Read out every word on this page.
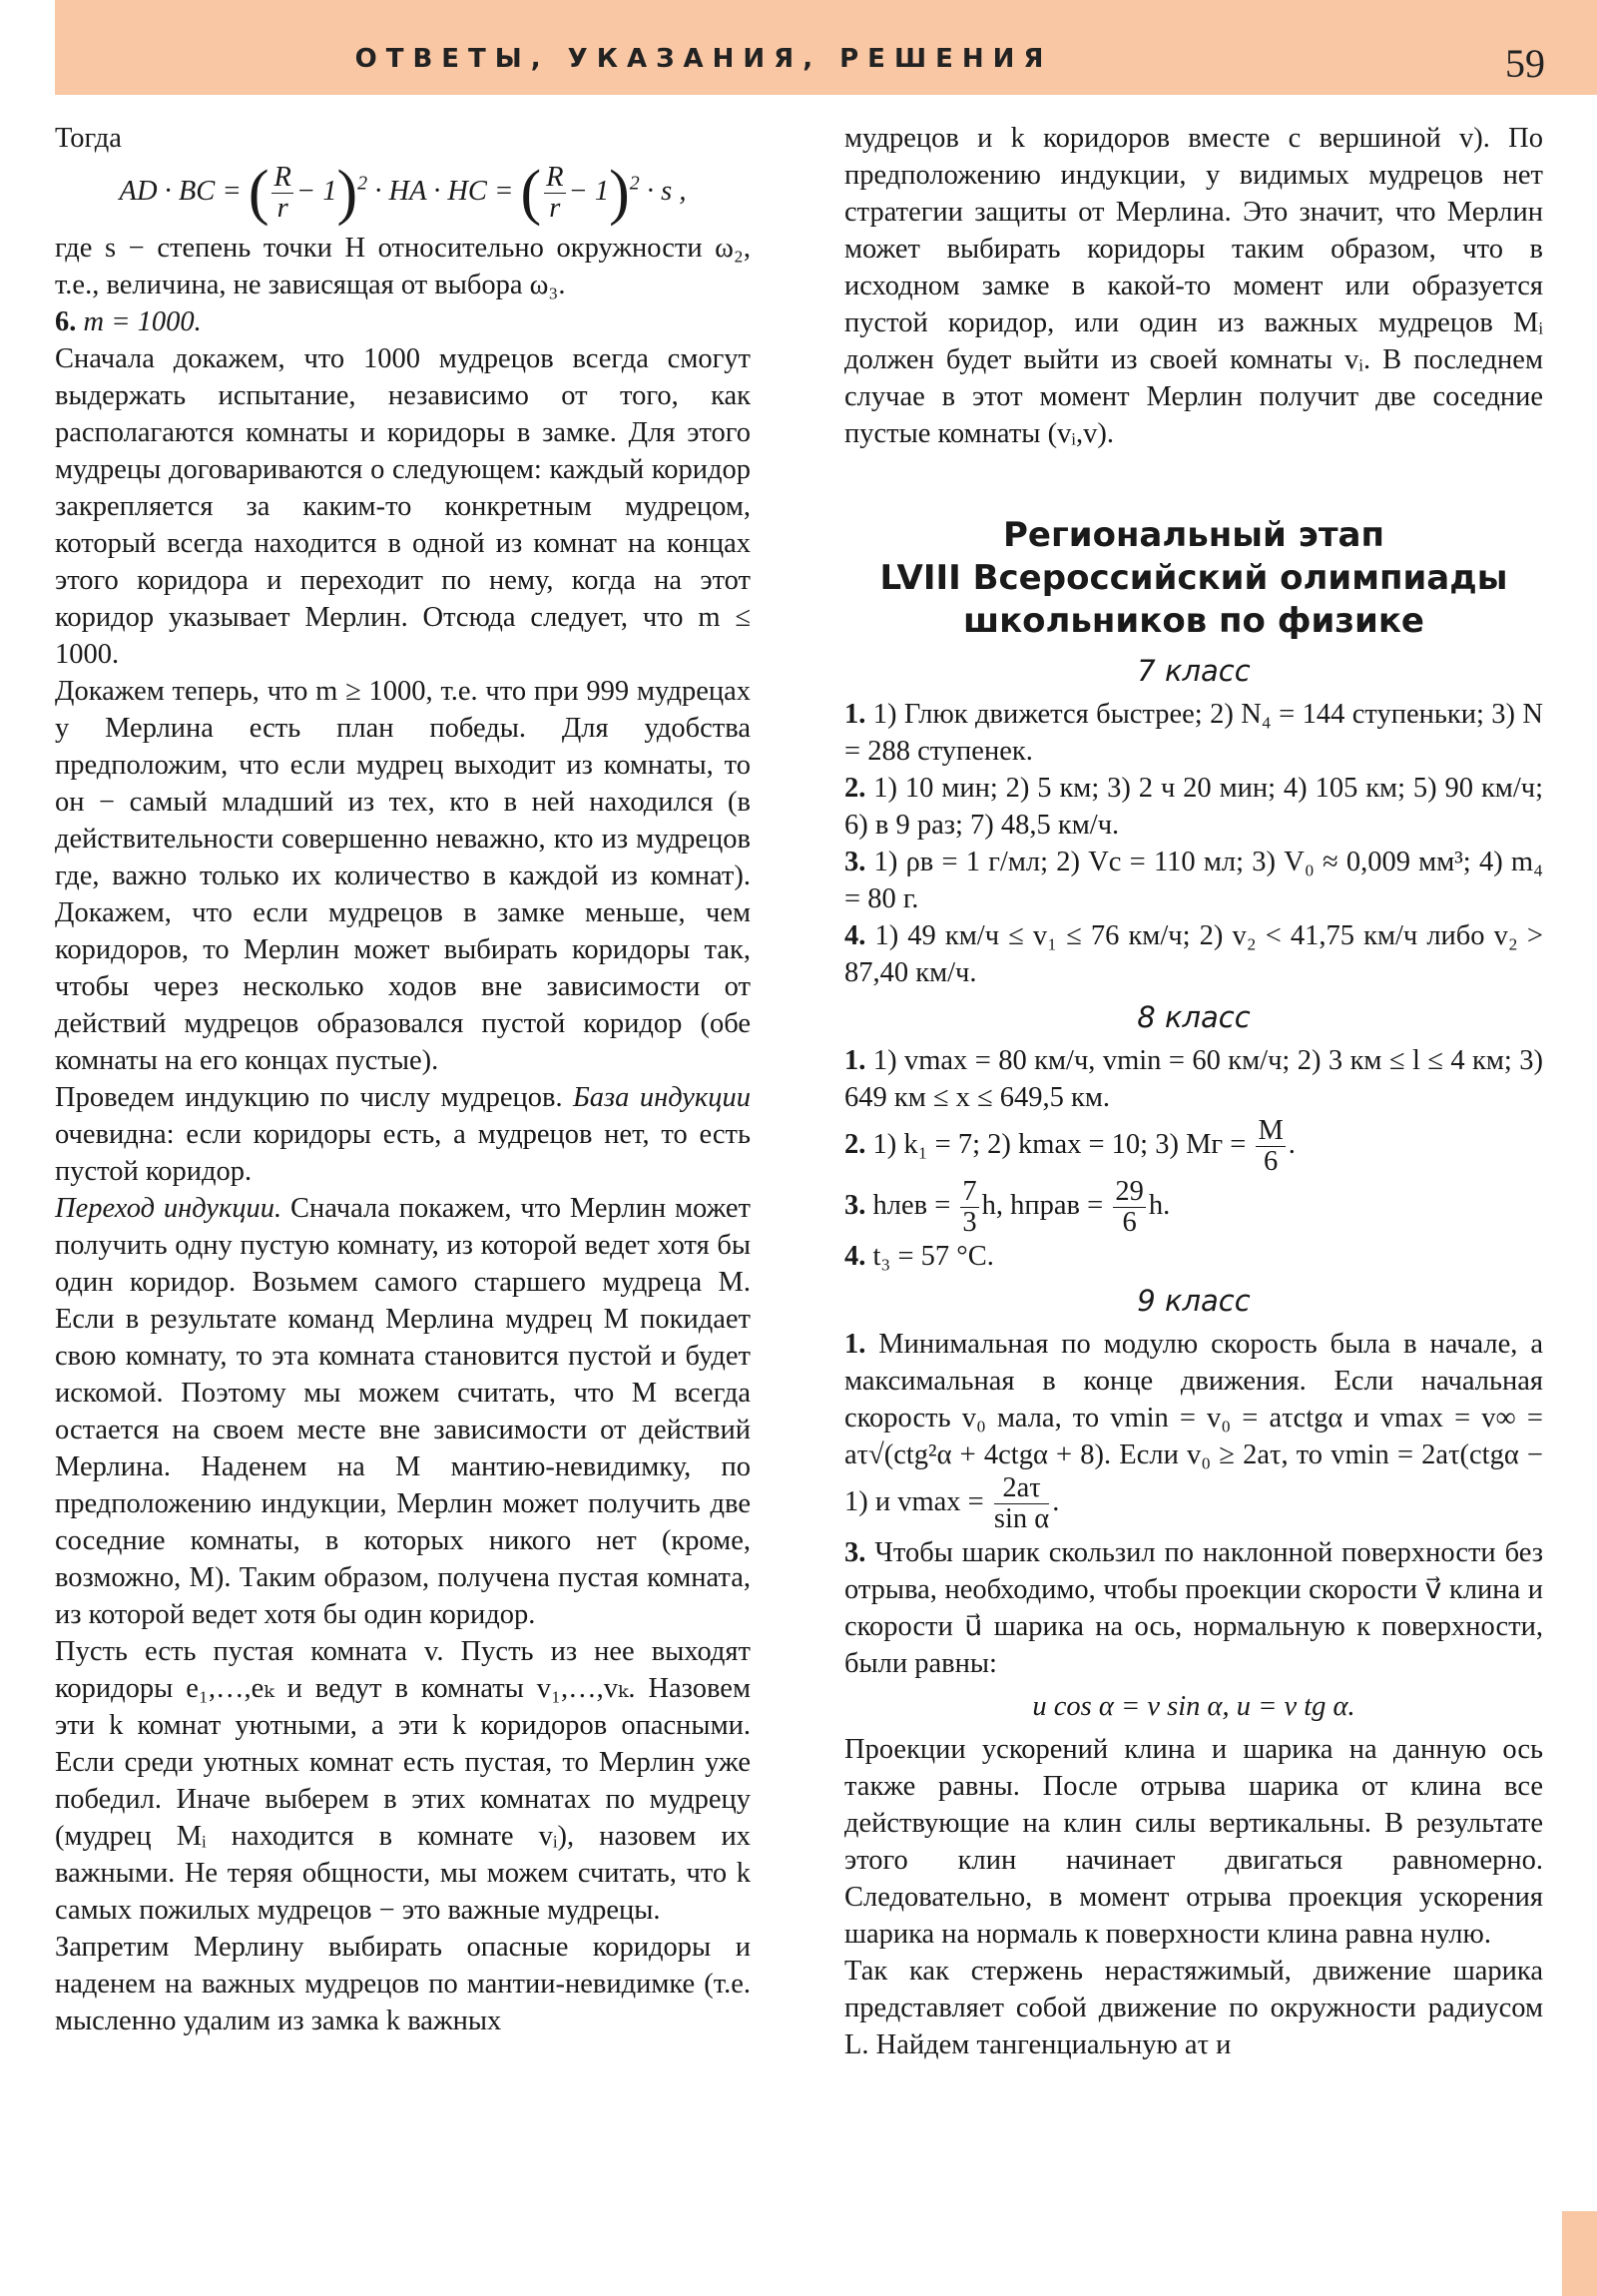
ОТВЕТЫ, УКАЗАНИЯ, РЕШЕНИЯ	59

Тогда

AD · BC = ( $\frac{R}{r} - 1)^2$ · HA · HC = ( $\frac{R}{r} - 1)^2 \cdot s$ ,

где s − степень точки H относительно окружности ω₂, т.е., величина, не зависящая от выбора ω₃.

6. m = 1000.

Сначала докажем, что 1000 мудрецов всегда смогут выдержать испытание, независимо от того, как располагаются комнаты и коридоры в замке. Для этого мудрецы договариваются о следующем: каждый коридор закрепляется за каким-то конкретным мудрецом, который всегда находится в одной из комнат на концах этого коридора и переходит по нему, когда на этот коридор указывает Мерлин. Отсюда следует, что m ≤ 1000.

Докажем теперь, что m ≥ 1000, т.е. что при 999 мудрецах у Мерлина есть план победы. Для удобства предположим, что если мудрец выходит из комнаты, то он − самый младший из тех, кто в ней находился (в действительности совершенно неважно, кто из мудрецов где, важно только их количество в каждой из комнат). Докажем, что если мудрецов в замке меньше, чем коридоров, то Мерлин может выбирать коридоры так, чтобы через несколько ходов вне зависимости от действий мудрецов образовался пустой коридор (обе комнаты на его концах пустые).

Проведем индукцию по числу мудрецов. База индукции очевидна: если коридоры есть, а мудрецов нет, то есть пустой коридор.

Переход индукции. Сначала покажем, что Мерлин может получить одну пустую комнату, из которой ведет хотя бы один коридор. Возьмем самого старшего мудреца M. Если в результате команд Мерлина мудрец M покидает свою комнату, то эта комната становится пустой и будет искомой. Поэтому мы можем считать, что M всегда остается на своем месте вне зависимости от действий Мерлина. Наденем на M мантию-невидимку, по предположению индукции, Мерлин может получить две соседние комнаты, в которых никого нет (кроме, возможно, M). Таким образом, получена пустая комната, из которой ведет хотя бы один коридор.

Пусть есть пустая комната v. Пусть из нее выходят коридоры e₁,…,eₖ и ведут в комнаты v₁,…,vₖ. Назовем эти k комнат уютными, а эти k коридоров опасными. Если среди уютных комнат есть пустая, то Мерлин уже победил. Иначе выберем в этих комнатах по мудрецу (мудрец Mᵢ находится в комнате vᵢ), назовем их важными. Не теряя общности, мы можем считать, что k самых пожилых мудрецов − это важные мудрецы.

Запретим Мерлину выбирать опасные коридоры и наденем на важных мудрецов по мантии-невидимке (т.е. мысленно удалим из замка k важных

мудрецов и k коридоров вместе с вершиной v). По предположению индукции, у видимых мудрецов нет стратегии защиты от Мерлина. Это значит, что Мерлин может выбирать коридоры таким образом, что в исходном замке в какой-то момент или образуется пустой коридор, или один из важных мудрецов Mᵢ должен будет выйти из своей комнаты vᵢ. В последнем случае в этот момент Мерлин получит две соседние пустые комнаты (vᵢ,v).

Региональный этап
LVIII Всероссийский олимпиады
школьников по физике
7 класс

1. 1) Глюк движется быстрее; 2) N₄ = 144 ступеньки; 3) N = 288 ступенек.

2. 1) 10 мин; 2) 5 км; 3) 2 ч 20 мин; 4) 105 км; 5) 90 км/ч; 6) в 9 раз; 7) 48,5 км/ч.

3. 1) ρв = 1 г/мл; 2) Vс = 110 мл; 3) V₀ ≈ 0,009 мм³; 4) m₄ = 80 г.

4. 1) 49 км/ч ≤ v₁ ≤ 76 км/ч; 2) v₂ < 41,75 км/ч либо v₂ > 87,40 км/ч.

8 класс

1. 1) vmax = 80 км/ч, vmin = 60 км/ч; 2) 3 км ≤ l ≤ 4 км; 3) 649 км ≤ x ≤ 649,5 км.

2. 1) k₁ = 7; 2) kmax = 10; 3) Mг = $\frac{M}{6}$ .

3. hлев = $\frac{7}{3} h$, hправ = $\frac{29}{6} h$.

4. t₃ = 57 °C.

9 класс

1. Минимальная по модулю скорость была в начале, а максимальная в конце движения. Если начальная скорость v₀ мала, то vmin = v₀ = aτctgα и vmax = v∞ = aτ√(ctg²α + 4ctgα + 8). Если v₀ ≥ 2aτ, то vmin = 2aτ(ctgα − 1) и $vmax = \frac{2a\tau}{\text{sin α}}$ .

3. Чтобы шарик скользил по наклонной поверхности без отрыва, необходимо, чтобы проекции скорости v⃗ клина и скорости u⃗ шарика на ось, нормальную к поверхности, были равны:

u cos α = v sin α, u = v tg α.

Проекции ускорений клина и шарика на данную ось также равны. После отрыва шарика от клина все действующие на клин силы вертикальны. В результате этого клин начинает двигаться равномерно. Следовательно, в момент отрыва проекция ускорения шарика на нормаль к поверхности клина равна нулю.

Так как стержень нерастяжимый, движение шарика представляет собой движение по окружности радиусом L. Найдем тангенциальную aτ и
